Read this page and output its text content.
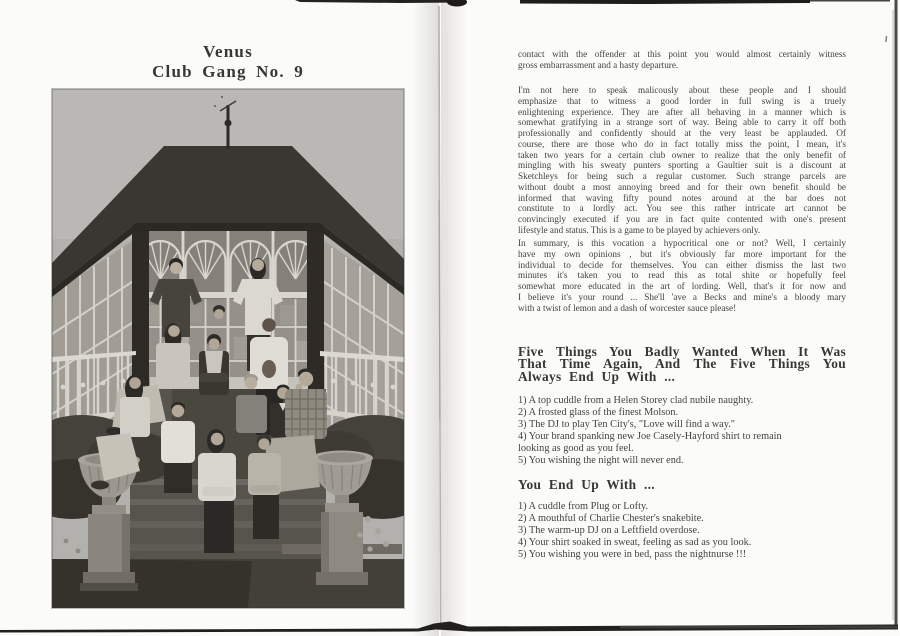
Venus
Club Gang No. 9
contact with the offender at this point you would almost certainly witness
gross embarrassment and a hasty departure.
I'm not here to speak malicously about these people and I should
emphasize that to witness a good lorder in full swing is a truely
enlightening experience. They are after all behaving in a manner which is
somewhat gratifying in a strange sort of way. Being able to carry it off both
professionally and confidently should at the very least be applauded. Of
course, there are those who do in fact totally miss the point, I mean, it's
taken two years for a certain club owner to realize that the only benefit of
mingling with his sweaty punters sporting a Gaultier suit is a discount at
Sketchleys for being such a regular customer. Such strange parcels are
without doubt a most annoying breed and for their own benefit should be
informed that waving fifty pound notes around at the bar does not
constitute to a lordly act. You see this rather intricate art cannot be
convincingly executed if you are in fact quite contented with one's present
lifestyle and status. This is a game to be played by achievers only.
In summary, is this vocation a hypocritical one or not? Well, I certainly
have my own opinions , but it's obviously far more important for the
individual to decide for themselves. You can either dismiss the last two
minutes it's taken you to read this as total shite or hopefully feel
somewhat more educated in the art of lording. Well, that's it for now and
I believe it's your round ... She'll 'ave a Becks and mine's a bloody mary
with a twist of lemon and a dash of worcester sauce please!
Five Things You Badly Wanted When It Was
That Time Again, And The Five Things You
Always End Up With ...
1) A top cuddle from a Helen Storey clad nubile naughty.
2) A frosted glass of the finest Molson.
3) The DJ to play Ten City's, "Love will find a way."
4) Your brand spanking new Joe Casely-Hayford shirt to remain
looking as good as you feel.
5) You wishing the night will never end.
You End Up With ...
1) A cuddle from Plug or Lofty.
2) A mouthful of Charlie Chester's snakebite.
3) The warm-up DJ on a Leftfield overdose.
4) Your shirt soaked in sweat, feeling as sad as you look.
5) You wishing you were in bed, pass the nightnurse !!!
